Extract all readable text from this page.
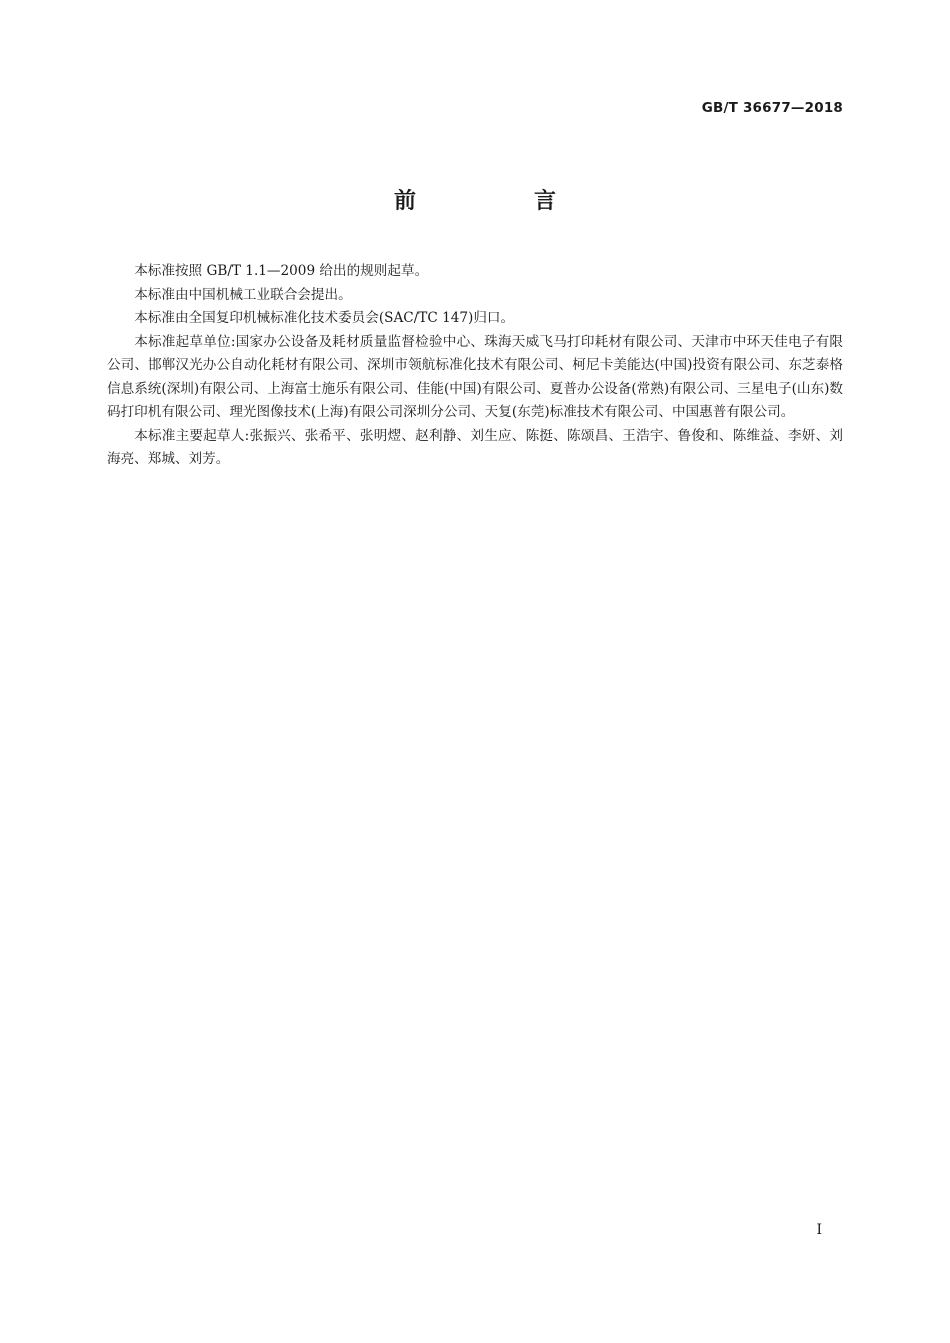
GB/T 36677—2018
前　言

本标准按照 GB/T 1.1—2009 给出的规则起草。

本标准由中国机械工业联合会提出。

本标准由全国复印机械标准化技术委员会(SAC/TC 147)归口。

本标准起草单位:国家办公设备及耗材质量监督检验中心、珠海天威飞马打印耗材有限公司、天津市中环天佳电子有限公司、邯郸汉光办公自动化耗材有限公司、深圳市领航标准化技术有限公司、柯尼卡美能达(中国)投资有限公司、东芝泰格信息系统(深圳)有限公司、上海富士施乐有限公司、佳能(中国)有限公司、夏普办公设备(常熟)有限公司、三星电子(山东)数码打印机有限公司、理光图像技术(上海)有限公司深圳分公司、天复(东莞)标准技术有限公司、中国惠普有限公司。

本标准主要起草人:张振兴、张希平、张明熤、赵利静、刘生应、陈挺、陈颂昌、王浩宇、鲁俊和、陈维益、李妍、刘海亮、郑城、刘芳。

I
